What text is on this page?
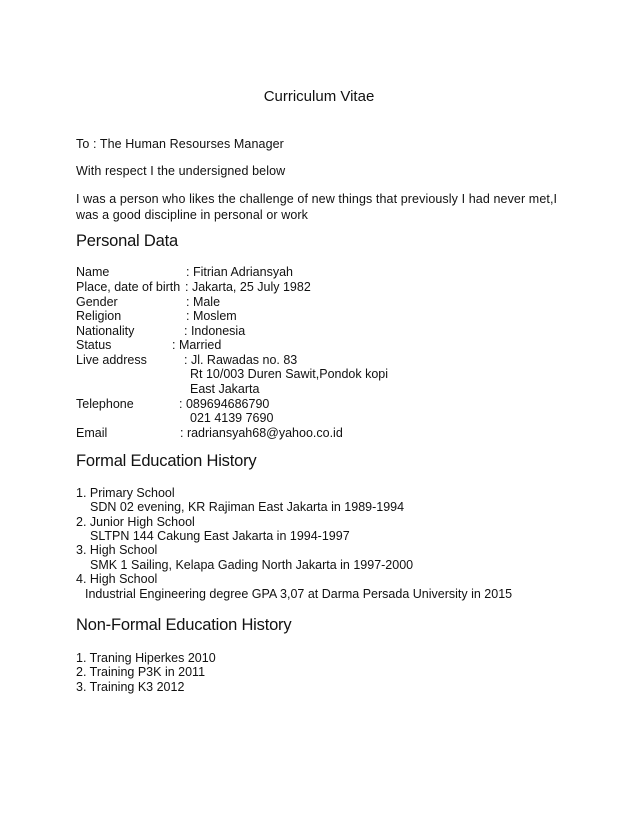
Curriculum Vitae
To : The Human Resourses Manager
With respect I the undersigned below
I was a person who likes the challenge of new things that previously I had never met,I
was a good discipline in personal or work
Personal Data
Name	: Fitrian Adriansyah
Place, date of birth : Jakarta, 25 July 1982
Gender	: Male
Religion	: Moslem
Nationality	: Indonesia
Status	: Married
Live address	: Jl. Rawadas no. 83
Rt 10/003 Duren Sawit,Pondok kopi
East Jakarta
Telephone	: 089694686790
021 4139 7690
Email	: radriansyah68@yahoo.co.id
Formal Education History
1. Primary School
SDN 02 evening, KR Rajiman East Jakarta in 1989-1994
2. Junior High School
SLTPN 144 Cakung East Jakarta in 1994-1997
3. High School
SMK 1 Sailing, Kelapa Gading North Jakarta in 1997-2000
4. High School
Industrial Engineering degree GPA 3,07 at Darma Persada University in 2015
Non-Formal Education History
1. Traning Hiperkes 2010
2. Training P3K in 2011
3. Training K3 2012
